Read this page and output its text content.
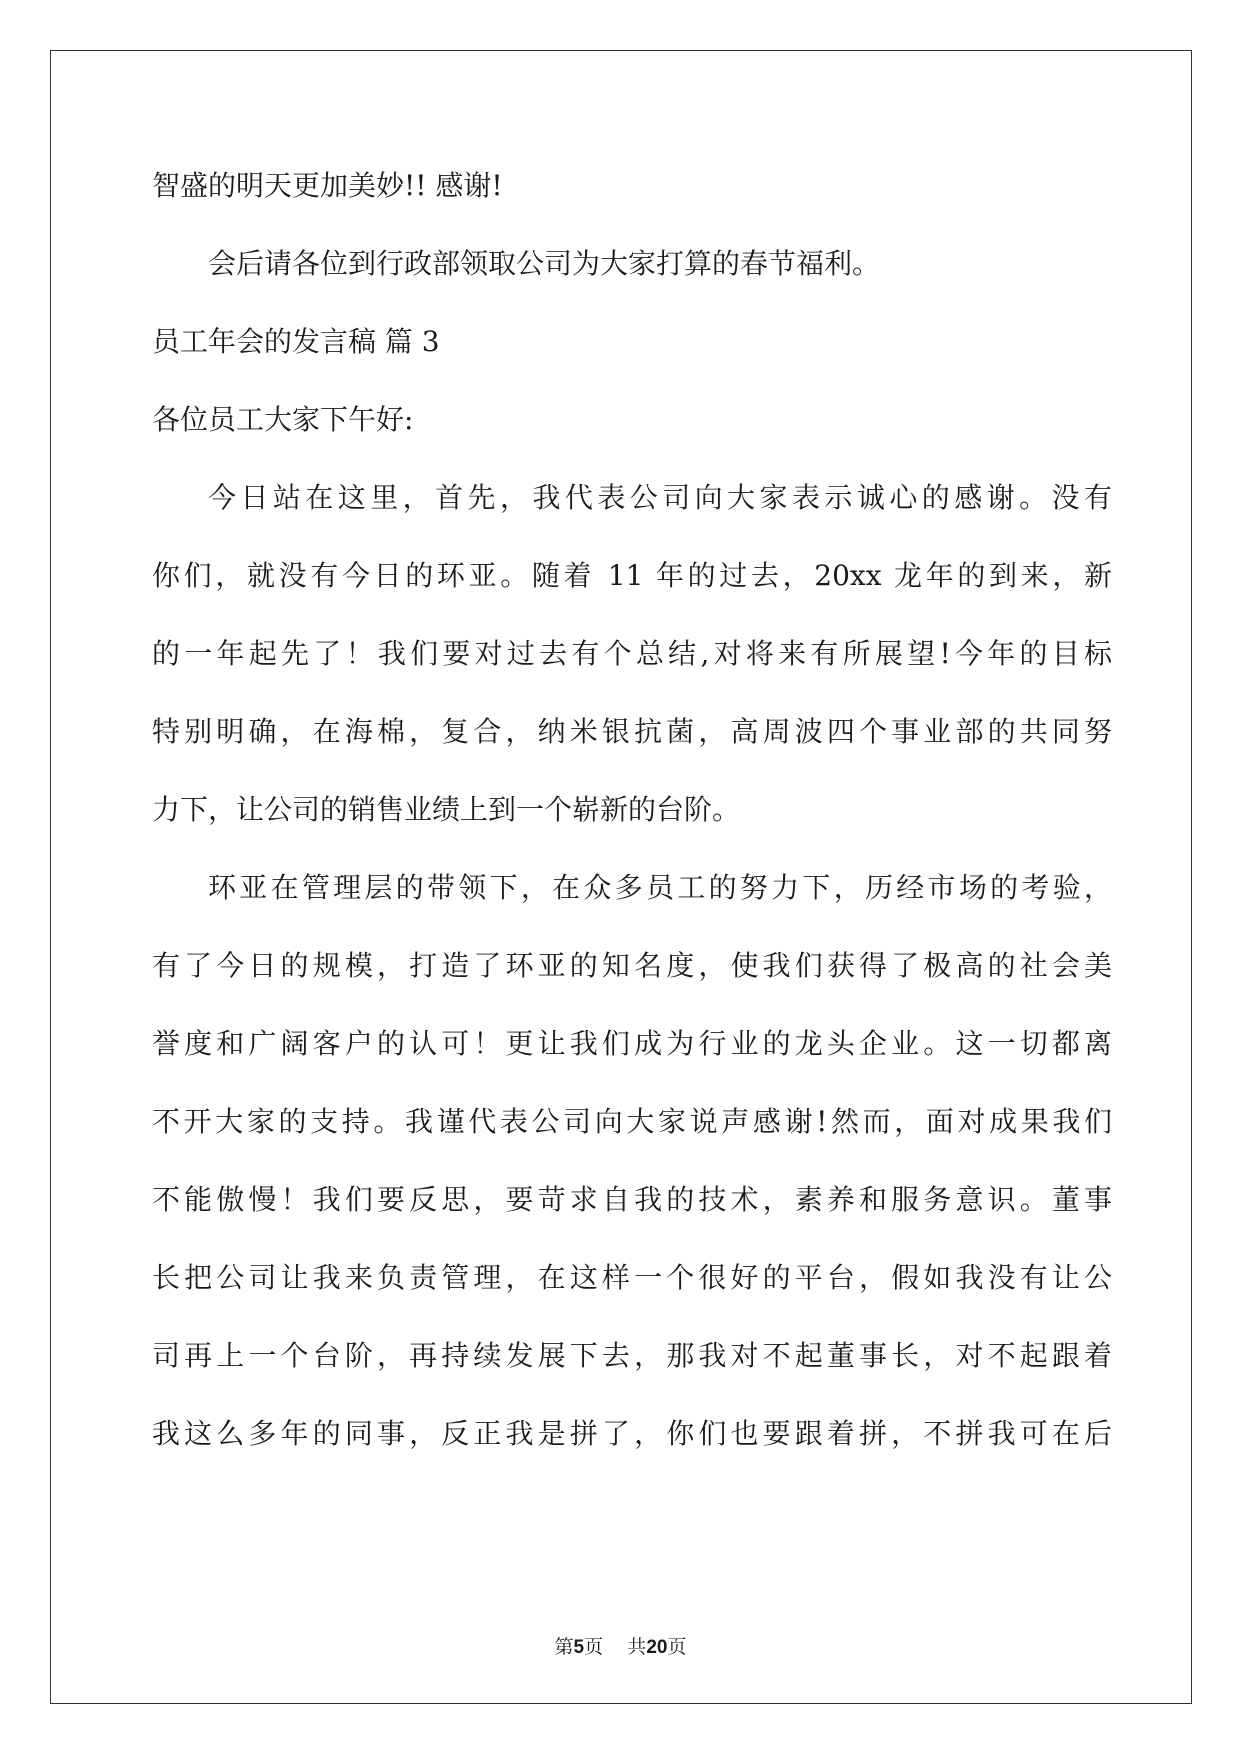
智盛的明天更加美妙!! 感谢!
会后请各位到行政部领取公司为大家打算的春节福利。
员工年会的发言稿 篇 3
各位员工大家下午好:
今日站在这里，首先，我代表公司向大家表示诚心的感谢。没有
你们，就没有今日的环亚。随着 11 年的过去，20xx 龙年的到来，新
的一年起先了！我们要对过去有个总结,对将来有所展望!今年的目标
特别明确，在海棉，复合，纳米银抗菌，高周波四个事业部的共同努
力下，让公司的销售业绩上到一个崭新的台阶。
环亚在管理层的带领下，在众多员工的努力下，历经市场的考验，
有了今日的规模，打造了环亚的知名度，使我们获得了极高的社会美
誉度和广阔客户的认可！更让我们成为行业的龙头企业。这一切都离
不开大家的支持。我谨代表公司向大家说声感谢!然而，面对成果我们
不能傲慢！我们要反思，要苛求自我的技术，素养和服务意识。董事
长把公司让我来负责管理，在这样一个很好的平台，假如我没有让公
司再上一个台阶，再持续发展下去，那我对不起董事长，对不起跟着
我这么多年的同事，反正我是拼了，你们也要跟着拼，不拼我可在后
第5页 共20页
